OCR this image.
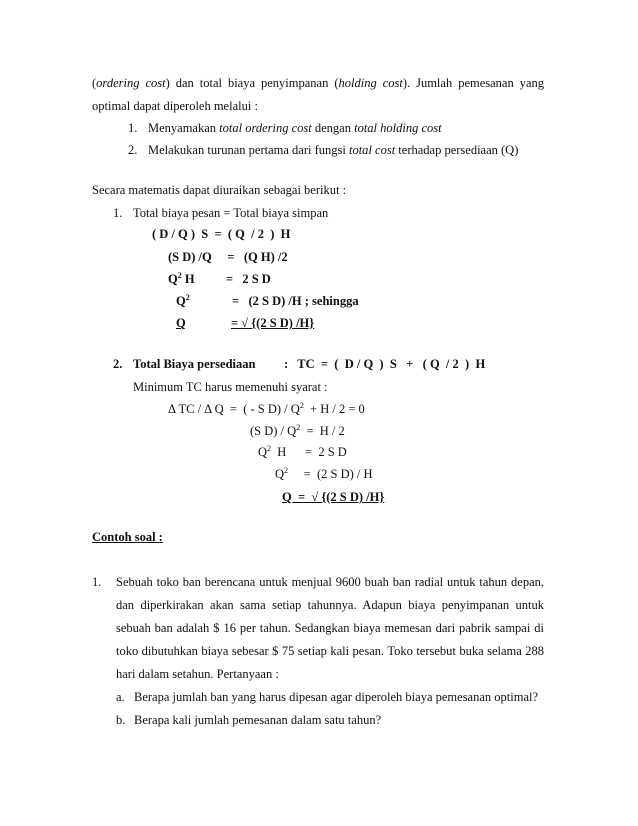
(ordering cost) dan total biaya penyimpanan (holding cost). Jumlah pemesanan yang
optimal dapat diperoleh melalui :
1. Menyamakan total ordering cost dengan total holding cost
2. Melakukan turunan pertama dari fungsi total cost terhadap persediaan (Q)
Secara matematis dapat diuraikan sebagai berikut :
1. Total biaya pesan = Total biaya simpan
( D / Q )  S  =  ( Q  / 2  )  H
(S D) /Q     =   (Q H) /2
$Q^2$ H          =   2 S D
$Q^2$	=   (2 S D) /H ; sehingga
Q	= √ {(2 S D) /H}
2. Total Biaya persediaan :   TC  =  (  D / Q  )  S   +   ( Q  / 2  )  H
Minimum TC harus memenuhi syarat :
Δ TC / Δ Q  =  ( - S $D) / Q^2 + H / 2 = 0$
(S $D) / Q^2 = H / 2$
$Q^2$  H      =  2 S D
$Q^2$     =  (2 S D) / H
Q  =  √ {(2 S D) /H}
Contoh soal :
1. Sebuah toko ban berencana untuk menjual 9600 buah ban radial untuk tahun depan,
dan diperkirakan akan sama setiap tahunnya. Adapun biaya penyimpanan untuk
sebuah ban adalah $ 16 per tahun. Sedangkan biaya memesan dari pabrik sampai di
toko dibutuhkan biaya sebesar $ 75 setiap kali pesan. Toko tersebut buka selama 288
hari dalam setahun. Pertanyaan :
a. Berapa jumlah ban yang harus dipesan agar diperoleh biaya pemesanan optimal?
b. Berapa kali jumlah pemesanan dalam satu tahun?
